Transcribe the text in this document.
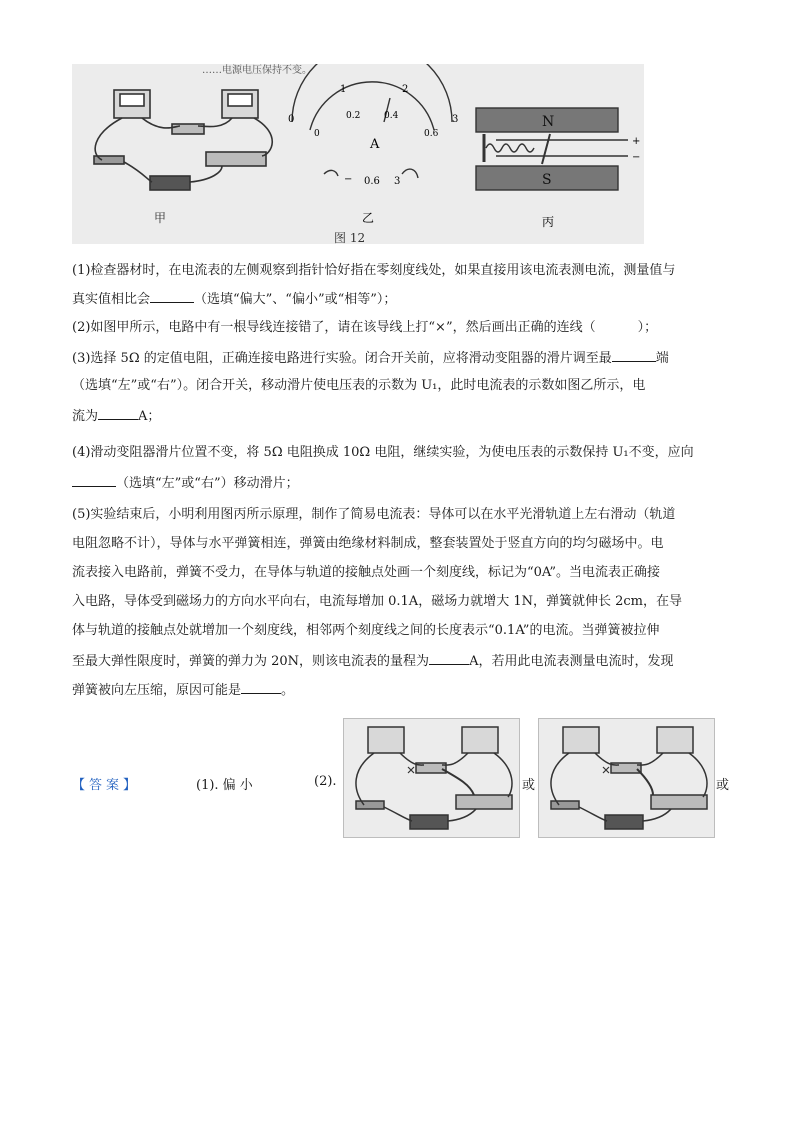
……电源电压保持不变。
甲
0
1	2
3
0
0.2	0.4
0.6
A
− 0.6 3
乙
N
S
+
−
丙
图 12
(1)检查器材时，在电流表的左侧观察到指针恰好指在零刻度线处，如果直接用该电流表测电流，测量值与
真实值相比会	（选填“偏大”、“偏小”或“相等”）；
(2)如图甲所示，电路中有一根导线连接错了，请在该导线上打“×”，然后画出正确的连线（	）；
(3)选择 5Ω 的定值电阻，正确连接电路进行实验。闭合开关前，应将滑动变阻器的滑片调至最	端
（选填“左”或“右”）。闭合开关，移动滑片使电压表的示数为 U₁，此时电流表的示数如图乙所示，电
流为	A；
(4)滑动变阻器滑片位置不变，将 5Ω 电阻换成 10Ω 电阻，继续实验，为使电压表的示数保持 U₁不变，应向
（选填“左”或“右”）移动滑片；
(5)实验结束后，小明利用图丙所示原理，制作了简易电流表：导体可以在水平光滑轨道上左右滑动（轨道
电阻忽略不计），导体与水平弹簧相连，弹簧由绝缘材料制成，整套装置处于竖直方向的均匀磁场中。电
流表接入电路前，弹簧不受力，在导体与轨道的接触点处画一个刻度线，标记为“0A”。当电流表正确接
入电路，导体受到磁场力的方向水平向右，电流每增加 0.1A，磁场力就增大 1N，弹簧就伸长 2cm，在导
体与轨道的接触点处就增加一个刻度线，相邻两个刻度线之间的长度表示“0.1A”的电流。当弹簧被拉伸
至最大弹性限度时，弹簧的弹力为 20N，则该电流表的量程为	A，若用此电流表测量电流时，发现
弹簧被向左压缩，原因可能是	。
【答案】	(1). 偏 小	(2).	或	或
